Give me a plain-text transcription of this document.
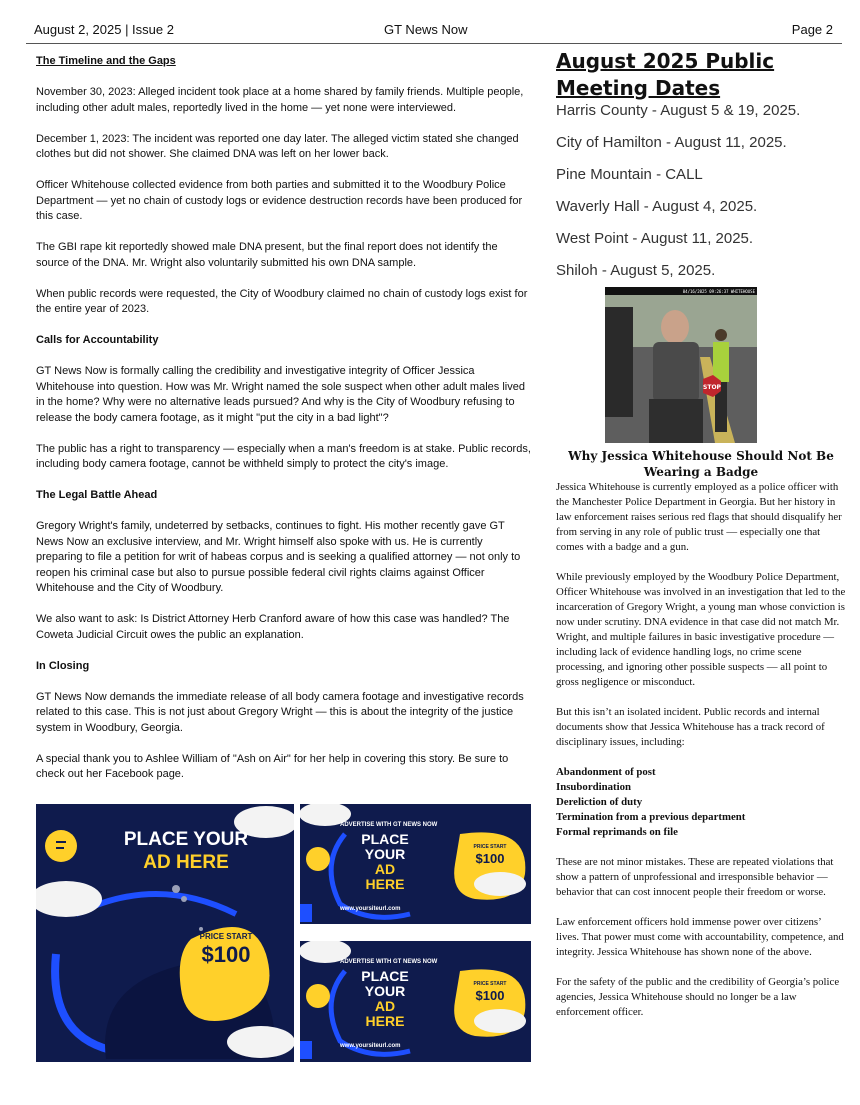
August 2, 2025 | Issue 2	GT News Now	Page 2

The Timeline and the Gaps

November 30, 2023: Alleged incident took place at a home shared by family friends. Multiple people, including other adult males, reportedly lived in the home — yet none were interviewed.

December 1, 2023: The incident was reported one day later. The alleged victim stated she changed clothes but did not shower. She claimed DNA was left on her lower back.

Officer Whitehouse collected evidence from both parties and submitted it to the Woodbury Police Department — yet no chain of custody logs or evidence destruction records have been produced for this case.

The GBI rape kit reportedly showed male DNA present, but the final report does not identify the source of the DNA. Mr. Wright also voluntarily submitted his own DNA sample.

When public records were requested, the City of Woodbury claimed no chain of custody logs exist for the entire year of 2023.

Calls for Accountability

GT News Now is formally calling the credibility and investigative integrity of Officer Jessica Whitehouse into question. How was Mr. Wright named the sole suspect when other adult males lived in the home? Why were no alternative leads pursued? And why is the City of Woodbury refusing to release the body camera footage, as it might "put the city in a bad light"?

The public has a right to transparency — especially when a man's freedom is at stake. Public records, including body camera footage, cannot be withheld simply to protect the city's image.

The Legal Battle Ahead

Gregory Wright's family, undeterred by setbacks, continues to fight. His mother recently gave GT News Now an exclusive interview, and Mr. Wright himself also spoke with us. He is currently preparing to file a petition for writ of habeas corpus and is seeking a qualified attorney — not only to reopen his criminal case but also to pursue possible federal civil rights claims against Officer Whitehouse and the City of Woodbury.

We also want to ask: Is District Attorney Herb Cranford aware of how this case was handled? The Coweta Judicial Circuit owes the public an explanation.

In Closing

GT News Now demands the immediate release of all body camera footage and investigative records related to this case. This is not just about Gregory Wright — this is about the integrity of the justice system in Woodbury, Georgia.

A special thank you to Ashlee William of "Ash on Air" for her help in covering this story. Be sure to check out her Facebook page.

August 2025 Public Meeting Dates
Harris County - August 5 & 19, 2025.
City of Hamilton - August 11, 2025.
Pine Mountain - CALL
Waverly Hall - August 4, 2025.
West Point - August 11, 2025.
Shiloh - August 5, 2025.
04/16/2025 09:26:37 WHITEHOUSE
STOP
Why Jessica Whitehouse Should Not Be Wearing a Badge

Jessica Whitehouse is currently employed as a police officer with the Manchester Police Department in Georgia. But her history in law enforcement raises serious red flags that should disqualify her from serving in any role of public trust — especially one that comes with a badge and a gun.

While previously employed by the Woodbury Police Department, Officer Whitehouse was involved in an investigation that led to the incarceration of Gregory Wright, a young man whose conviction is now under scrutiny. DNA evidence in that case did not match Mr. Wright, and multiple failures in basic investigative procedure — including lack of evidence handling logs, no crime scene processing, and ignoring other possible suspects — all point to gross negligence or misconduct.

But this isn’t an isolated incident. Public records and internal documents show that Jessica Whitehouse has a track record of disciplinary issues, including:

Abandonment of post
Insubordination
Dereliction of duty
Termination from a previous department
Formal reprimands on file

These are not minor mistakes. These are repeated violations that show a pattern of unprofessional and irresponsible behavior — behavior that can cost innocent people their freedom or worse.

Law enforcement officers hold immense power over citizens’ lives. That power must come with accountability, competence, and integrity. Jessica Whitehouse has shown none of the above.

For the safety of the public and the credibility of Georgia’s police agencies, Jessica Whitehouse should no longer be a law enforcement officer.

PLACE YOUR
AD HERE
PRICE START
$100
ADVERTISE WITH GT NEWS NOW
PLACE
YOUR
AD
HERE
PRICE START
$100
www.yoursiteurl.com
ADVERTISE WITH GT NEWS NOW
PLACE
YOUR
AD
HERE
PRICE START
$100
www.yoursiteurl.com
